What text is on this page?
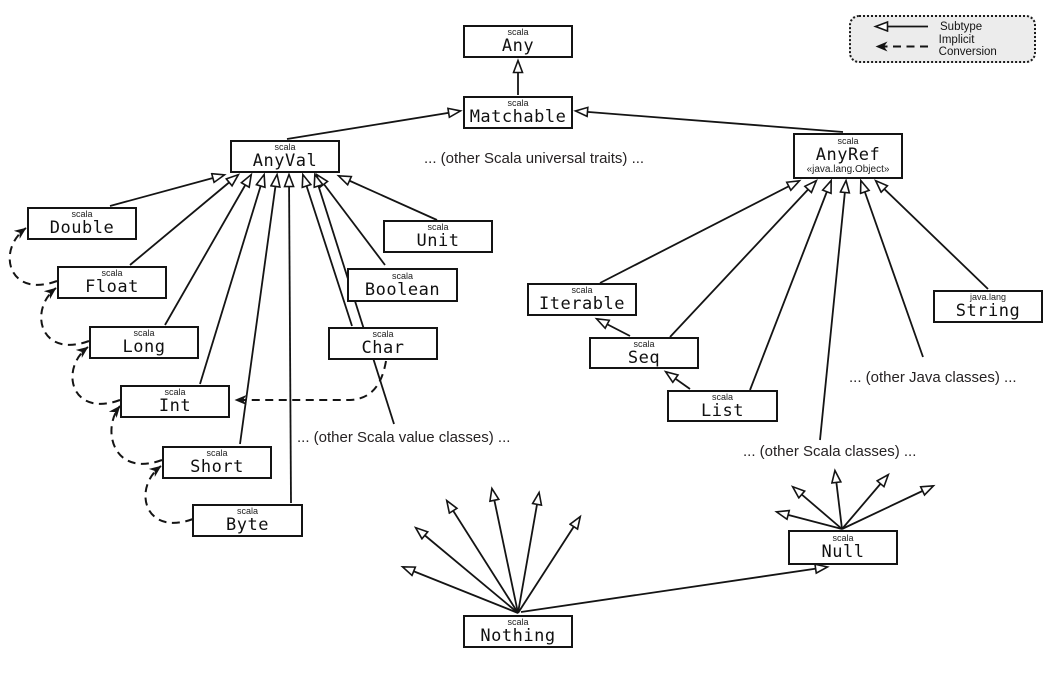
scala
Any
scala
Matchable
scala
AnyVal
scala
AnyRef
«java.lang.Object»
scala
Double
scala
Float
scala
Long
scala
Int
scala
Short
scala
Byte
scala
Unit
scala
Boolean
scala
Char
scala
Iterable
scala
Seq
scala
List
java.lang
String
scala
Nothing
scala
Null
... (other Scala universal traits) ...
... (other Scala value classes) ...
... (other Java classes) ...
... (other Scala classes) ...
Subtype
Implicit Conversion
